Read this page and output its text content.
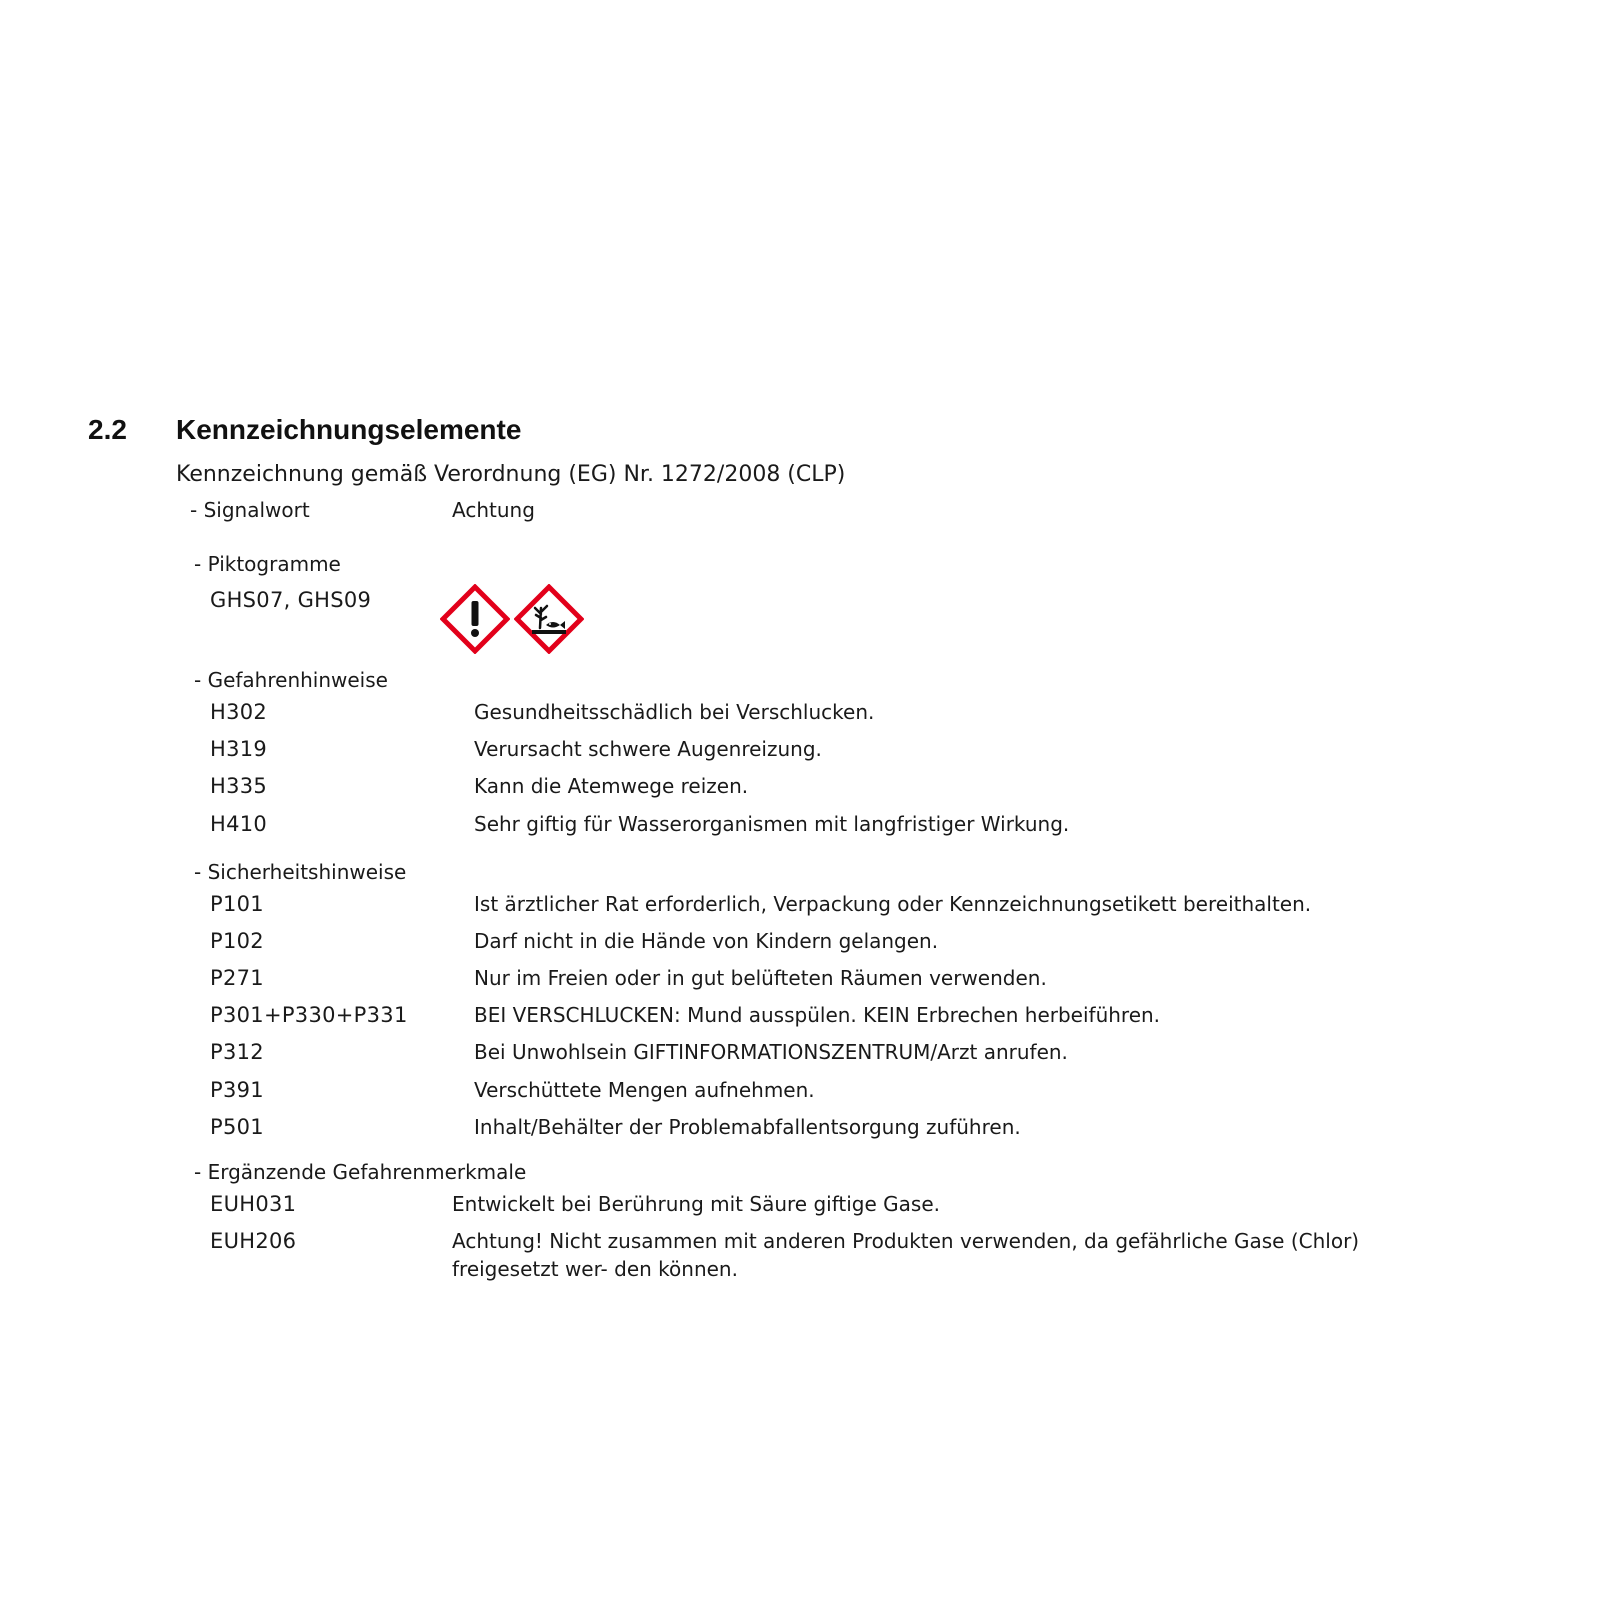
2.2 Kennzeichnungselemente
Kennzeichnung gemäß Verordnung (EG) Nr. 1272/2008 (CLP)
- Signalwort	Achtung
- Piktogramme
GHS07, GHS09
- Gefahrenhinweise
H302	Gesundheitsschädlich bei Verschlucken.
H319	Verursacht schwere Augenreizung.
H335	Kann die Atemwege reizen.
H410	Sehr giftig für Wasserorganismen mit langfristiger Wirkung.
- Sicherheitshinweise
P101	Ist ärztlicher Rat erforderlich, Verpackung oder Kennzeichnungsetikett bereithalten.
P102	Darf nicht in die Hände von Kindern gelangen.
P271	Nur im Freien oder in gut belüfteten Räumen verwenden.
P301+P330+P331	BEI VERSCHLUCKEN: Mund ausspülen. KEIN Erbrechen herbeiführen.
P312	Bei Unwohlsein GIFTINFORMATIONSZENTRUM/Arzt anrufen.
P391	Verschüttete Mengen aufnehmen.
P501	Inhalt/Behälter der Problemabfallentsorgung zuführen.
- Ergänzende Gefahrenmerkmale
EUH031	Entwickelt bei Berührung mit Säure giftige Gase.
EUH206	Achtung! Nicht zusammen mit anderen Produkten verwenden, da gefährliche Gase (Chlor) freigesetzt wer- den können.
